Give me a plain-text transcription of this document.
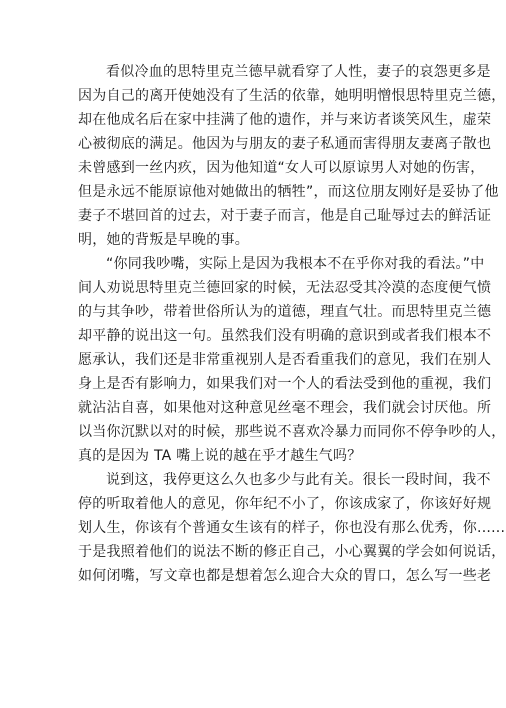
看似冷血的思特里克兰德早就看穿了人性，妻子的哀怨更多是
因为自己的离开使她没有了生活的依靠，她明明憎恨思特里克兰德，
却在他成名后在家中挂满了他的遗作，并与来访者谈笑风生，虚荣
心被彻底的满足。他因为与朋友的妻子私通而害得朋友妻离子散也
未曾感到一丝内疚，因为他知道“女人可以原谅男人对她的伤害，
但是永远不能原谅他对她做出的牺牲”，而这位朋友刚好是妥协了他
妻子不堪回首的过去，对于妻子而言，他是自己耻辱过去的鲜活证
明，她的背叛是早晚的事。
“你同我吵嘴，实际上是因为我根本不在乎你对我的看法。”中
间人劝说思特里克兰德回家的时候，无法忍受其冷漠的态度便气愤
的与其争吵，带着世俗所认为的道德，理直气壮。而思特里克兰德
却平静的说出这一句。虽然我们没有明确的意识到或者我们根本不
愿承认，我们还是非常重视别人是否看重我们的意见，我们在别人
身上是否有影响力，如果我们对一个人的看法受到他的重视，我们
就沾沾自喜，如果他对这种意见丝毫不理会，我们就会讨厌他。所
以当你沉默以对的时候，那些说不喜欢冷暴力而同你不停争吵的人，
真的是因为 TA 嘴上说的越在乎才越生气吗？
说到这，我停更这么久也多少与此有关。很长一段时间，我不
停的听取着他人的意见，你年纪不小了，你该成家了，你该好好规
划人生，你该有个普通女生该有的样子，你也没有那么优秀，你......
于是我照着他们的说法不断的修正自己，小心翼翼的学会如何说话，
如何闭嘴，写文章也都是想着怎么迎合大众的胃口，怎么写一些老
